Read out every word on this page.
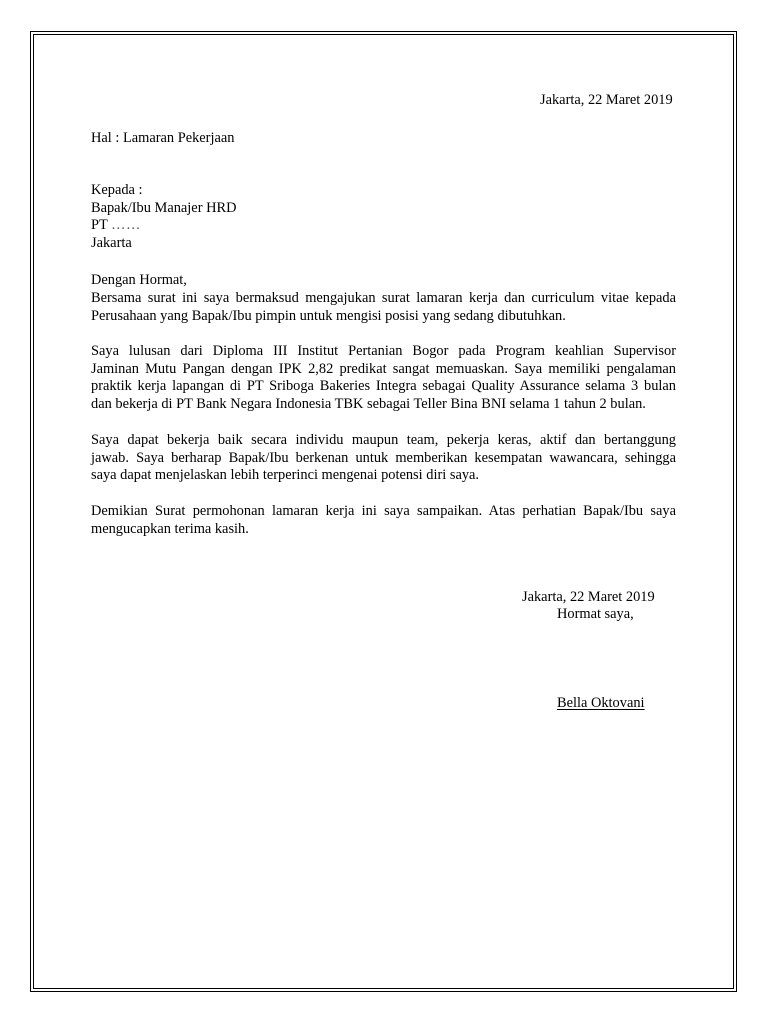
Jakarta, 22 Maret 2019

Hal : Lamaran Pekerjaan

Kepada :
Bapak/Ibu Manajer HRD
PT ……
Jakarta

Dengan Hormat,

Bersama surat ini saya bermaksud mengajukan surat lamaran kerja dan curriculum vitae kepada
Perusahaan yang Bapak/Ibu pimpin untuk mengisi posisi yang sedang dibutuhkan.
Saya lulusan dari Diploma III Institut Pertanian Bogor pada Program keahlian Supervisor
Jaminan Mutu Pangan dengan IPK 2,82 predikat sangat memuaskan. Saya memiliki pengalaman
praktik kerja lapangan di PT Sriboga Bakeries Integra sebagai Quality Assurance selama 3 bulan
dan bekerja di PT Bank Negara Indonesia TBK sebagai Teller Bina BNI selama 1 tahun 2 bulan.
Saya dapat bekerja baik secara individu maupun team, pekerja keras, aktif dan bertanggung
jawab. Saya berharap Bapak/Ibu berkenan untuk memberikan kesempatan wawancara, sehingga
saya dapat menjelaskan lebih terperinci mengenai potensi diri saya.
Demikian Surat permohonan lamaran kerja ini saya sampaikan. Atas perhatian Bapak/Ibu saya
mengucapkan terima kasih.

Jakarta, 22 Maret 2019

Hormat saya,

Bella Oktovani
